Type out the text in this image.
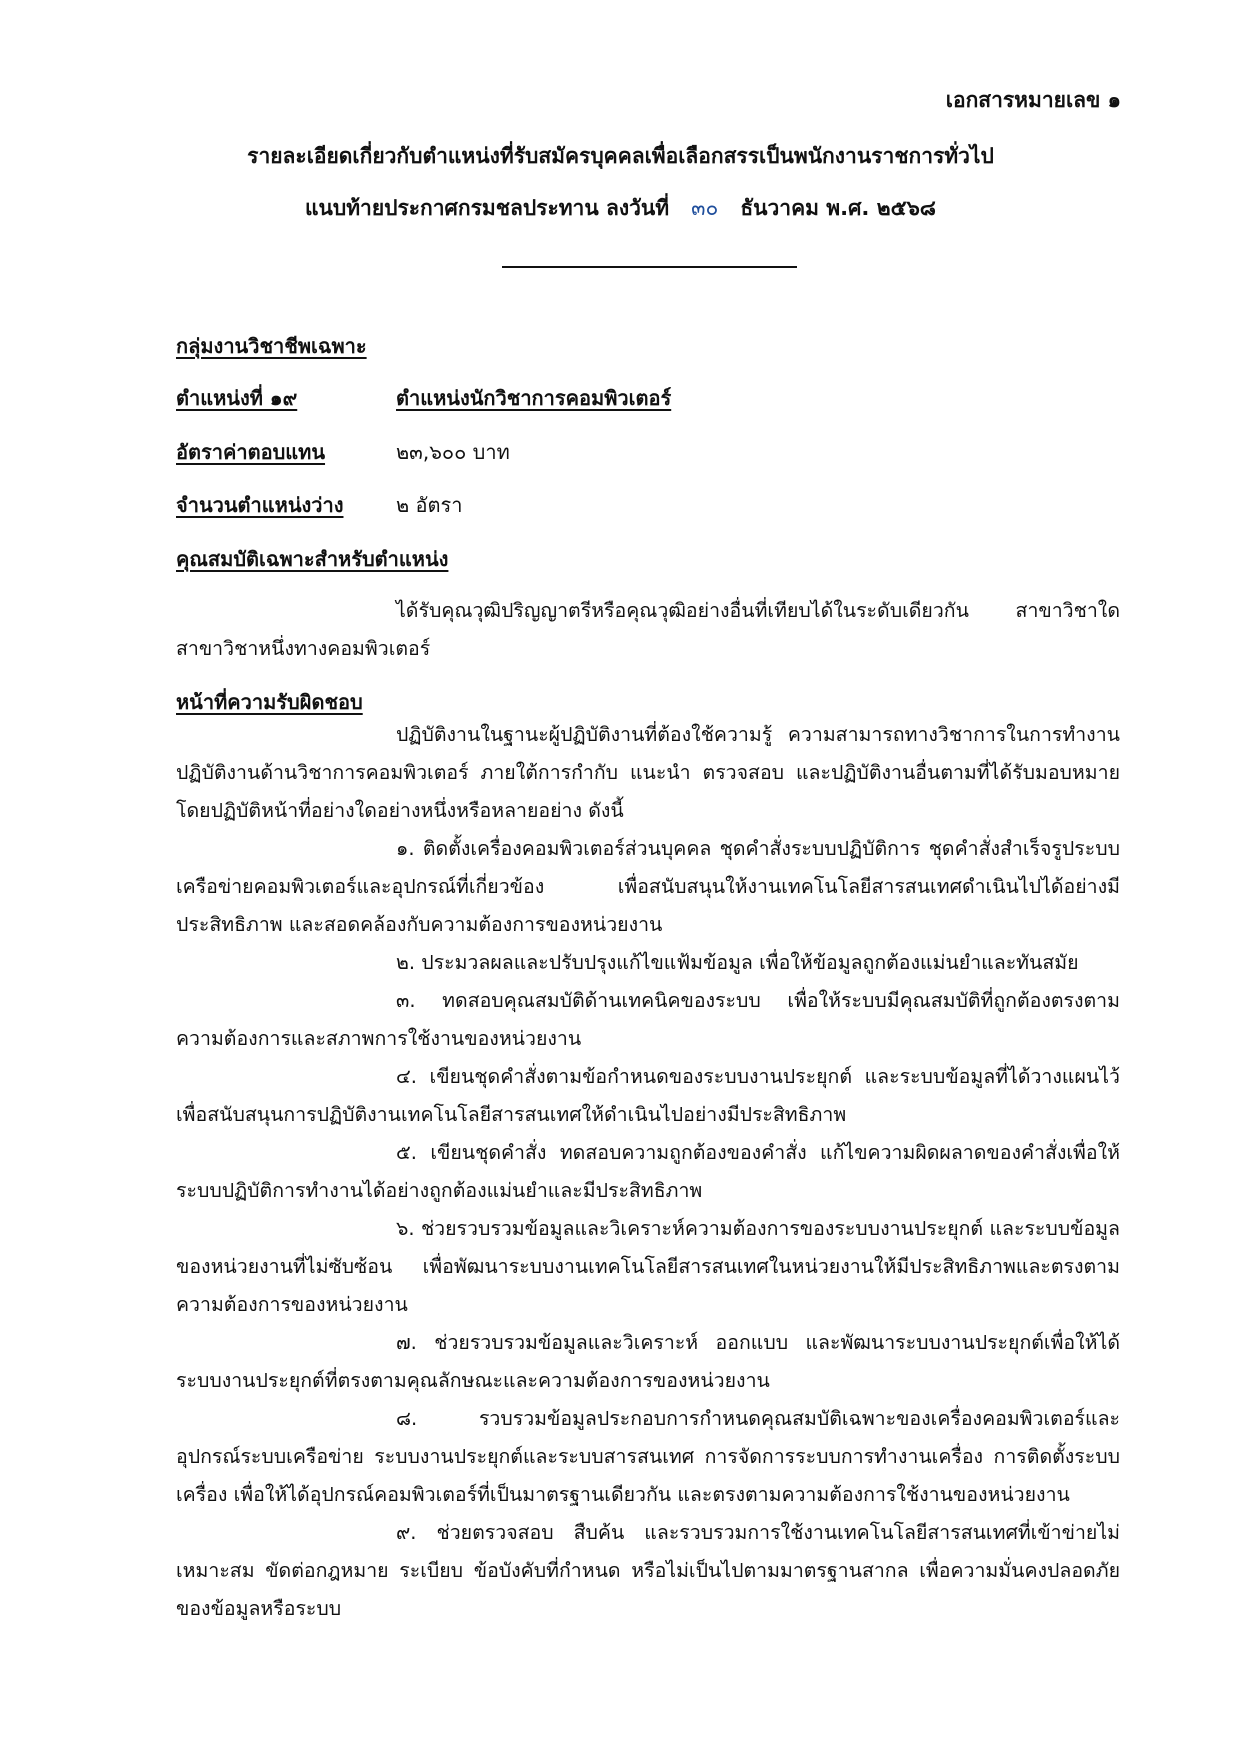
เอกสารหมายเลข ๑
รายละเอียดเกี่ยวกับตำแหน่งที่รับสมัครบุคคลเพื่อเลือกสรรเป็นพนักงานราชการทั่วไป
แนบท้ายประกาศกรมชลประทาน ลงวันที่ ๓๐ ธันวาคม พ.ศ. ๒๕๖๘
กลุ่มงานวิชาชีพเฉพาะ
ตำแหน่งที่ ๑๙	ตำแหน่งนักวิชาการคอมพิวเตอร์
อัตราค่าตอบแทน	๒๓,๖๐๐ บาท
จำนวนตำแหน่งว่าง	๒ อัตรา
คุณสมบัติเฉพาะสำหรับตำแหน่ง

ได้รับคุณวุฒิปริญญาตรีหรือคุณวุฒิอย่างอื่นที่เทียบได้ในระดับเดียวกัน สาขาวิชาใดสาขาวิชาหนึ่งทางคอมพิวเตอร์

หน้าที่ความรับผิดชอบ

ปฏิบัติงานในฐานะผู้ปฏิบัติงานที่ต้องใช้ความรู้ ความสามารถทางวิชาการในการทำงาน ปฏิบัติงานด้านวิชาการคอมพิวเตอร์ ภายใต้การกำกับ แนะนำ ตรวจสอบ และปฏิบัติงานอื่นตามที่ได้รับมอบหมาย โดยปฏิบัติหน้าที่อย่างใดอย่างหนึ่งหรือหลายอย่าง ดังนี้

๑. ติดตั้งเครื่องคอมพิวเตอร์ส่วนบุคคล ชุดคำสั่งระบบปฏิบัติการ ชุดคำสั่งสำเร็จรูประบบเครือข่ายคอมพิวเตอร์และอุปกรณ์ที่เกี่ยวข้อง เพื่อสนับสนุนให้งานเทคโนโลยีสารสนเทศดำเนินไปได้อย่างมีประสิทธิภาพ และสอดคล้องกับความต้องการของหน่วยงาน

๒. ประมวลผลและปรับปรุงแก้ไขแฟ้มข้อมูล เพื่อให้ข้อมูลถูกต้องแม่นยำและทันสมัย

๓. ทดสอบคุณสมบัติด้านเทคนิคของระบบ เพื่อให้ระบบมีคุณสมบัติที่ถูกต้องตรงตามความต้องการและสภาพการใช้งานของหน่วยงาน

๔. เขียนชุดคำสั่งตามข้อกำหนดของระบบงานประยุกต์ และระบบข้อมูลที่ได้วางแผนไว้ เพื่อสนับสนุนการปฏิบัติงานเทคโนโลยีสารสนเทศให้ดำเนินไปอย่างมีประสิทธิภาพ

๕. เขียนชุดคำสั่ง ทดสอบความถูกต้องของคำสั่ง แก้ไขความผิดผลาดของคำสั่งเพื่อให้ระบบปฏิบัติการทำงานได้อย่างถูกต้องแม่นยำและมีประสิทธิภาพ

๖. ช่วยรวบรวมข้อมูลและวิเคราะห์ความต้องการของระบบงานประยุกต์ และระบบข้อมูลของหน่วยงานที่ไม่ซับซ้อน เพื่อพัฒนาระบบงานเทคโนโลยีสารสนเทศในหน่วยงานให้มีประสิทธิภาพและตรงตามความต้องการของหน่วยงาน

๗. ช่วยรวบรวมข้อมูลและวิเคราะห์ ออกแบบ และพัฒนาระบบงานประยุกต์เพื่อให้ได้ระบบงานประยุกต์ที่ตรงตามคุณลักษณะและความต้องการของหน่วยงาน

๘. รวบรวมข้อมูลประกอบการกำหนดคุณสมบัติเฉพาะของเครื่องคอมพิวเตอร์และอุปกรณ์ระบบเครือข่าย ระบบงานประยุกต์และระบบสารสนเทศ การจัดการระบบการทำงานเครื่อง การติดตั้งระบบเครื่อง เพื่อให้ได้อุปกรณ์คอมพิวเตอร์ที่เป็นมาตรฐานเดียวกัน และตรงตามความต้องการใช้งานของหน่วยงาน

๙. ช่วยตรวจสอบ สืบค้น และรวบรวมการใช้งานเทคโนโลยีสารสนเทศที่เข้าข่ายไม่เหมาะสม ขัดต่อกฎหมาย ระเบียบ ข้อบังคับที่กำหนด หรือไม่เป็นไปตามมาตรฐานสากล เพื่อความมั่นคงปลอดภัยของข้อมูลหรือระบบ
